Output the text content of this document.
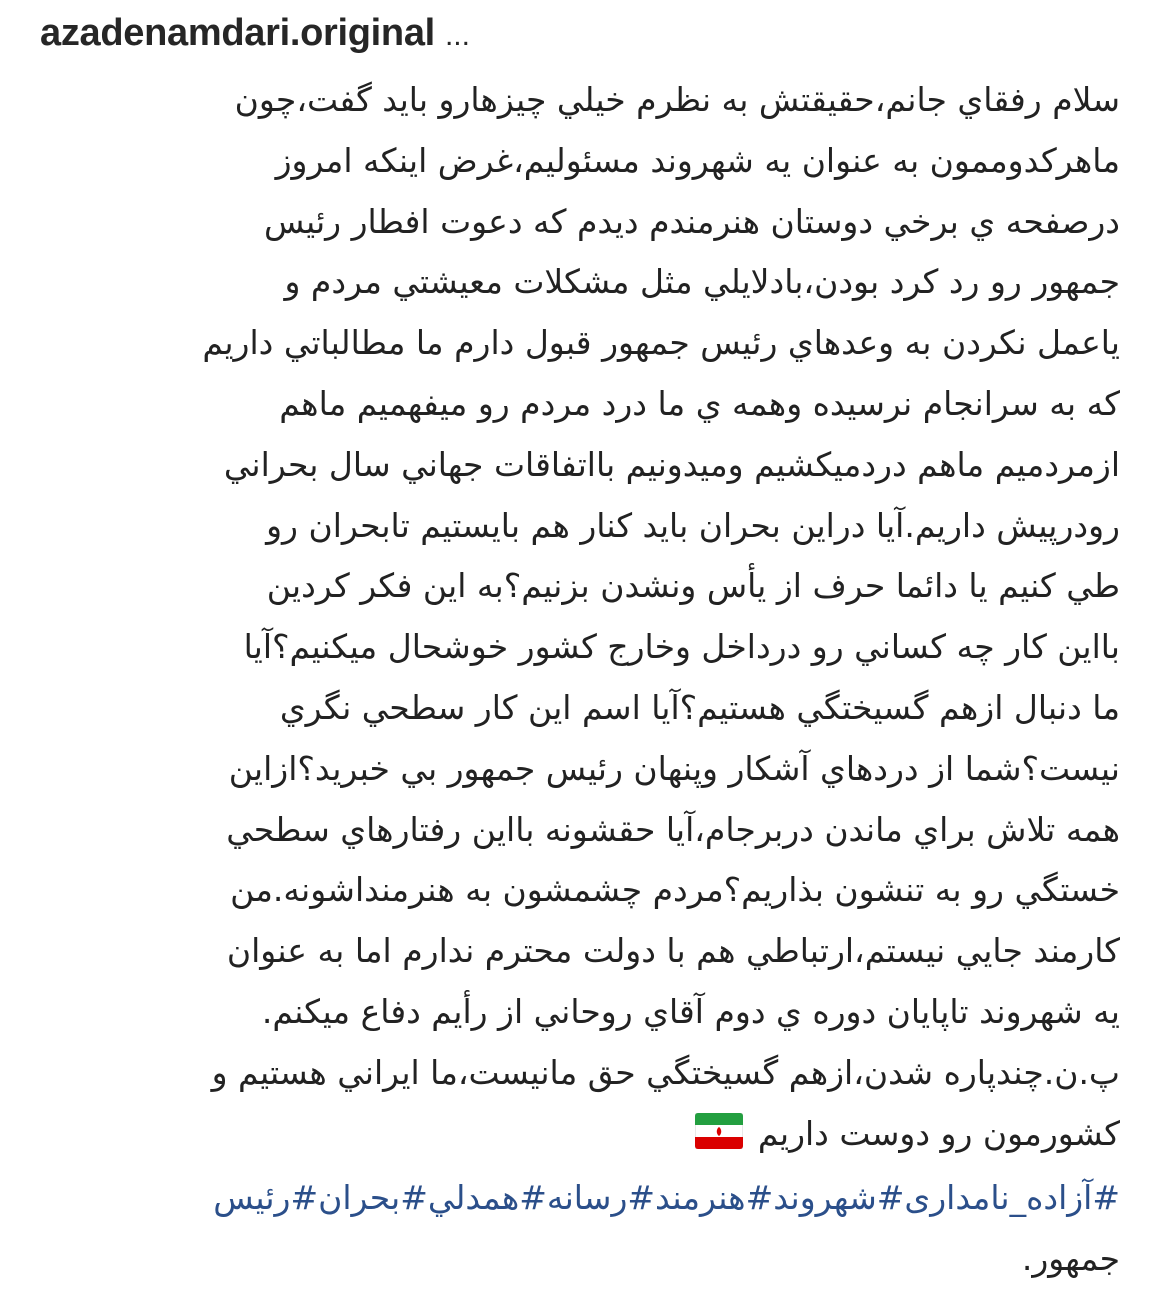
azadenamdari.original ...
سلام رفقاي جانم،حقيقتش به نظرم خيلي چيزهارو بايد گفت،چون
ماهركدوممون به عنوان يه شهروند مسئوليم،غرض اينكه امروز
درصفحه ي برخي دوستان هنرمندم ديدم كه دعوت افطار رئيس
جمهور رو رد كرد بودن،بادلايلي مثل مشكلات معيشتي مردم و
ياعمل نكردن به وعدهاي رئيس جمهور قبول دارم ما مطالباتي داريم
كه به سرانجام نرسيده وهمه ي ما درد مردم رو ميفهميم ماهم
ازمردميم ماهم دردميكشيم وميدونيم بااتفاقات جهاني سال بحراني
رودرپيش داريم.آيا دراين بحران بايد كنار هم بايستيم تابحران رو
طي كنيم يا دائما حرف از يأس ونشدن بزنيم؟به اين فكر كردين
بااين كار چه كساني رو درداخل وخارج كشور خوشحال ميكنيم؟آيا
ما دنبال ازهم گسيختگي هستيم؟آيا اسم اين كار سطحي نگري
نيست؟شما از دردهاي آشكار وپنهان رئيس جمهور بي خبريد؟ازاين
همه تلاش براي ماندن دربرجام،آيا حقشونه بااين رفتارهاي سطحي
خستگي رو به تنشون بذاريم؟مردم چشمشون به هنرمنداشونه.من
كارمند جايي نيستم،ارتباطي هم با دولت محترم ندارم اما به عنوان
يه شهروند تاپايان دوره ي دوم آقاي روحاني از رأيم دفاع ميكنم.
پ.ن.چندپاره شدن،ازهم گسيختگي حق مانيست،ما ايراني هستيم و
كشورمون رو دوست داريم
#آزاده_نامداری#شهروند#هنرمند#رسانه#همدلي#بحران#رئيس
جمهور.
